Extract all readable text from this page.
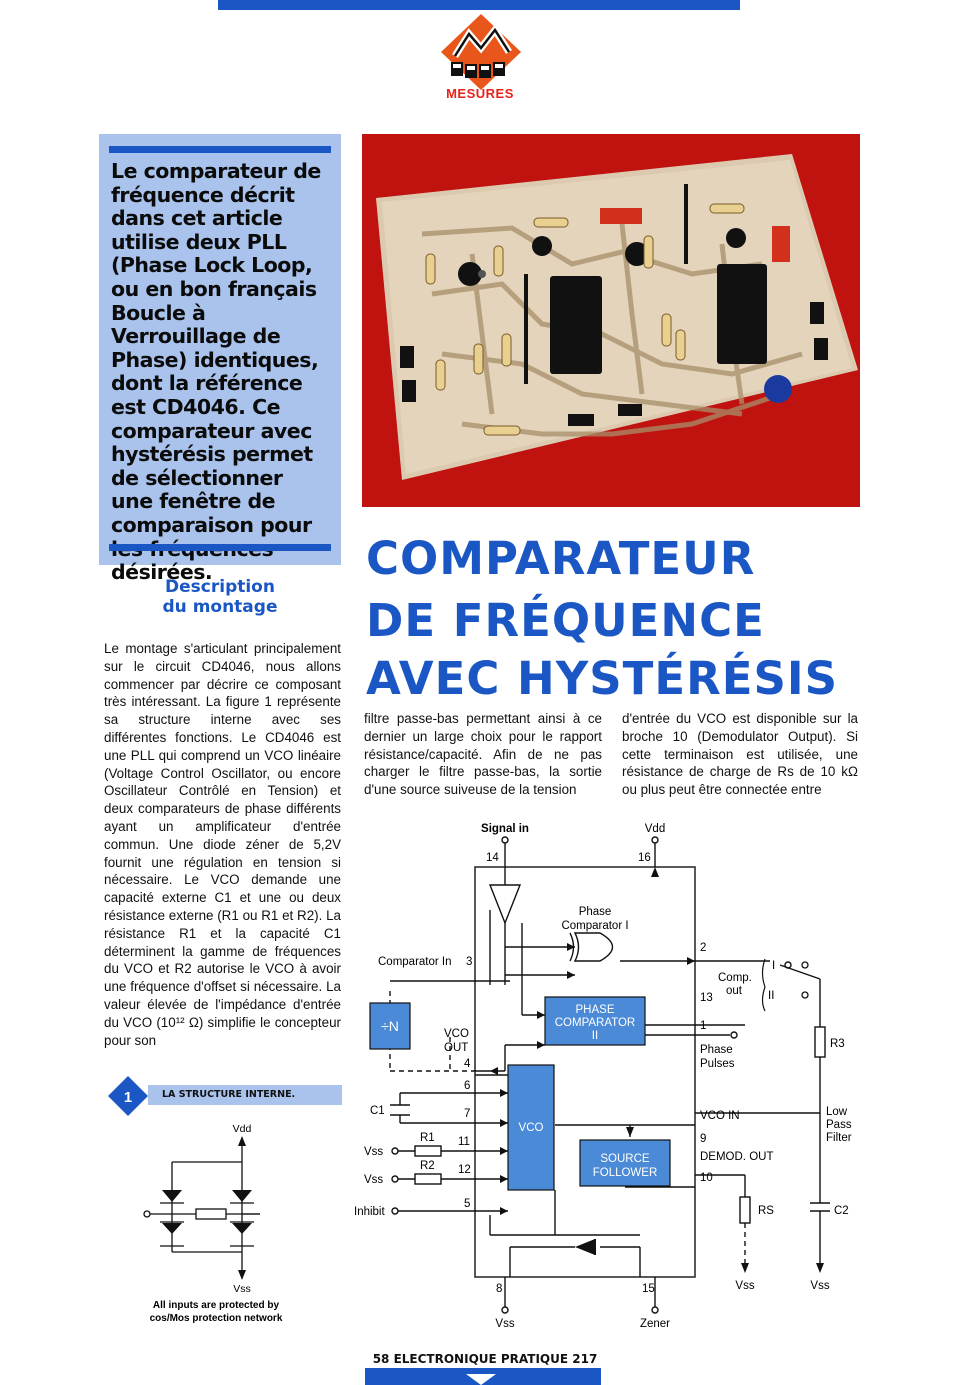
MESURES

Le comparateur de fréquence décrit dans cet article utilise deux PLL (Phase Lock Loop, ou en bon français Boucle à Verrouillage de Phase) identiques, dont la référence est CD4046. Ce comparateur avec hystérésis permet de sélectionner une fenêtre de comparaison pour désirées.	COMPARATEUR
DE FRÉQUENCE
AVEC HYSTÉRÉSIS
Description
du montage
Le montage s'articulant principalement sur le circuit CD4046, nous allons commencer par décrire ce composant très intéressant. La figure 1 représente sa structure interne avec ses différentes fonctions. Le CD4046 est une PLL qui comprend un VCO linéaire (Voltage Control Oscillator, ou encore Oscillateur Contrôlé en Tension) et deux comparateurs de phase différents ayant un amplificateur d'entrée commun. Une diode zéner de 5,2V fournit une régulation en tension si nécessaire. Le VCO demande une capacité externe C1 et une ou deux résistance externe (R1 ou R1 et R2). La résistance R1 et la capacité C1 déterminent la gamme de fréquences du VCO et R2 autorise le VCO à avoir une fréquence d'offset si nécessaire. La valeur élevée de l'impédance d'entrée du VCO (10¹² Ω) simplifie le concepteur pour son
filtre passe-bas permettant ainsi à ce dernier un large choix pour le rapport résistance/capacité. Afin de ne pas charger le filtre passe-bas, la sortie d'une source suiveuse de la tension
d'entrée du VCO est disponible sur la broche 10 (Demodulator Output). Si cette terminaison est utilisée, une résistance de charge de Rs de 10 kΩ ou plus peut être connectée entre
1	LA STRUCTURE INTERNE.
Vdd
Vss
All inputs are protected by
cos/Mos protection network
Signal in	Vdd
14	16
Phase
Comparator I
2
Comparator In 3
Comp.
out
I
II
13
PHASE
COMPARATOR
II
÷N	VCO
OUT
4
1
Phase
Pulses
R3
6
C1	7
VCO
VCO IN	Low
Pass
Filter
R1 11
Vss
9
SOURCE
FOLLOWER
DEMOD. OUT
R2 12
Vss	10
RS	C2
Inhibit
5
Vss	Vss
8	15
Vss	Zener
58 ELECTRONIQUE PRATIQUE 217
